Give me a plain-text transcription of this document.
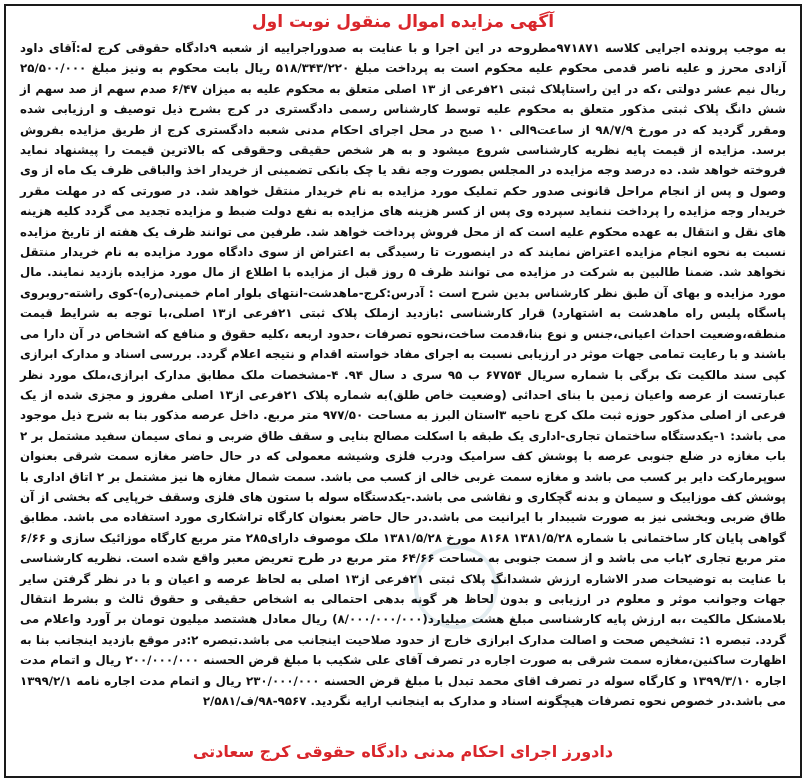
آگهی مزایده اموال منقول نوبت اول

به موجب پرونده اجرایی کلاسه ۹۷۱۸۷۱مطروحه در این اجرا و با عنایت به صدوراجراییه از شعبه ۹دادگاه حقوقی کرج له:آقای داود آزادی محرز و علیه ناصر قدمی محکوم علیه محکوم است به پرداخت مبلغ ۵۱۸/۳۴۳/۲۲۰ ریال بابت محکوم به ونیز مبلغ ۲۵/۵۰۰/۰۰۰ ریال نیم عشر دولتی ،که در این راستاپلاک ثبتی ۲۱فرعی از ۱۳ اصلی متعلق به محکوم علیه به میزان ۶/۴۷ صدم سهم از صد سهم از شش دانگ پلاک ثبتی مذکور متعلق به محکوم علیه توسط کارشناس رسمی دادگستری در کرج بشرح ذیل توصیف و ارزیابی شده ومقرر گردید که در مورخ ۹۸/۷/۹ از ساعت۹الی ۱۰ صبح در محل اجرای احکام مدنی شعبه دادگستری کرج از طریق مزایده بفروش برسد. مزایده از قیمت پایه نظریه کارشناسی شروع میشود و به هر شخص حقیقی وحقوقی که بالاترین قیمت را پیشنهاد نماید فروخته خواهد شد. ده درصد وجه مزایده در المجلس بصورت وجه نقد یا چک بانکی تضمینی از خریدار اخذ والباقی ظرف یک ماه از وی وصول و پس از انجام مراحل قانونی صدور حکم تملیک مورد مزایده به نام خریدار منتقل خواهد شد. در صورتی که در مهلت مقرر خریدار وجه مزایده را پرداخت ننماید سپرده وی پس از کسر هزینه های مزایده به نفع دولت ضبط و مزایده تجدید می گردد کلیه هزینه های نقل و انتقال به عهده محکوم علیه است که از محل فروش پرداخت خواهد شد. طرفین می توانند ظرف یک هفته از تاریخ مزایده نسبت به نحوه انجام مزایده اعتراض نمایند که در اینصورت تا رسیدگی به اعتراض از سوی دادگاه مورد مزایده به نام خریدار منتقل نخواهد شد. ضمنا طالبین به شرکت در مزایده می توانند ظرف ۵ روز قبل از مزایده با اطلاع از مال مورد مزایده بازدید نمایند. مال مورد مزایده و بهای آن طبق نظر کارشناس بدین شرح است : آدرس:کرج-ماهدشت-انتهای بلوار امام خمینی(ره)-کوی راشته-روبروی پاسگاه پلیس راه ماهدشت به اشتهارد) قرار کارشناسی :بازدید ازملک پلاک ثبتی ۲۱فرعی از۱۳ اصلی،با توجه به شرایط قیمت منطقه،وضعیت احداث اعیانی،جنس و نوع بنا،قدمت ساخت،نحوه تصرفات ،حدود اربعه ،کلیه حقوق و منافع که اشخاص در آن دارا می باشند و با رعایت تمامی جهات موثر در ارزیابی نسبت به اجرای مفاد خواسته اقدام و نتیجه اعلام گردد. بررسی اسناد و مدارک ابرازی کپی سند مالکیت تک برگی با شماره سریال ۶۷۷۵۴ ب ۹۵ سری د سال ۹۴. ۴-مشخصات ملک مطابق مدارک ابرازی،ملک مورد نظر عبارتست از عرصه واعیان زمین با بنای احداثی (وضعیت خاص طلق)به شماره پلاک ۲۱فرعی از۱۳ اصلی مفروز و مجزی شده از یک فرعی از اصلی مذکور حوزه ثبت ملک کرج ناحیه ۳استان البرز به مساحت ۹۷۷/۵۰ متر مربع. داخل عرصه مذکور بنا به شرح ذیل موجود می باشد: ۱-یکدستگاه ساختمان تجاری-اداری یک طبقه با اسکلت مصالح بنایی و سقف طاق ضربی و نمای سیمان سفید مشتمل بر ۲ باب مغازه در ضلع جنوبی عرصه با پوشش کف سرامیک ودرب فلزی وشیشه معمولی که در حال حاضر مغازه سمت شرقی بعنوان سوپرمارکت دایر بر کسب می باشد و مغازه سمت غربی خالی از کسب می باشد. سمت شمال مغازه ها نیز مشتمل بر ۲ اتاق اداری با پوشش کف موزاییک و سیمان و بدنه گچکاری و نقاشی می باشد.-یکدستگاه سوله با ستون های فلزی وسقف خرپایی که بخشی از آن طاق ضربی وبخشی نیز به صورت شیبدار با ایرانیت می باشد.در حال حاضر بعنوان کارگاه تراشکاری مورد استفاده می باشد. مطابق گواهی پایان کار ساختمانی با شماره ۱۳۸۱/۵/۲۸ ۸۱۶۸ مورخ ۱۳۸۱/۵/۲۸ ملک موصوف دارای۲۸۵ متر مربع کارگاه موزائیک سازی و ۶/۶۶ متر مربع تجاری ۲باب می باشد و از سمت جنوبی به مساحت ۶۴/۶۶ متر مربع در طرح تعریض معبر واقع شده است. نظریه کارشناسی با عنایت به توضیحات صدر الاشاره ارزش ششدانگ پلاک ثبتی ۲۱فرعی از۱۳ اصلی به لحاظ عرصه و اعیان و با در نظر گرفتن سایر جهات وجوانب موثر و معلوم در ارزیابی و بدون لحاظ هر گونه بدهی احتمالی به اشخاص حقیقی و حقوق ثالث و بشرط انتقال بلامشکل مالکیت ،به ارزش پایه کارشناسی مبلغ هشت میلیارد(۸/۰۰۰/۰۰۰/۰۰۰) ریال معادل هشتصد میلیون تومان بر آورد واعلام می گردد. تبصره ۱: تشخیص صحت و اصالت مدارک ابرازی خارج از حدود صلاحیت اینجانب می باشد.تبصره ۲:در موقع بازدید اینجانب بنا به اظهارت ساکنین،مغازه سمت شرقی به صورت اجاره در تصرف آقای علی شکیب با مبلغ قرض الحسنه ۲۰۰/۰۰۰/۰۰۰ ریال و اتمام مدت اجاره ۱۳۹۹/۳/۱۰ و کارگاه سوله در تصرف اقای محمد تبدل با مبلغ قرض الحسنه ۲۳۰/۰۰۰/۰۰۰ ریال و اتمام مدت اجاره نامه ۱۳۹۹/۲/۱ می باشد.در خصوص نحوه تصرفات هیچگونه اسناد و مدارک به اینجانب ارایه نگردید. ۹۵۶۷-۹۸/ف/۲/۵۸۱

دادورز اجرای احکام مدنی دادگاه حقوقی کرج سعادتی
